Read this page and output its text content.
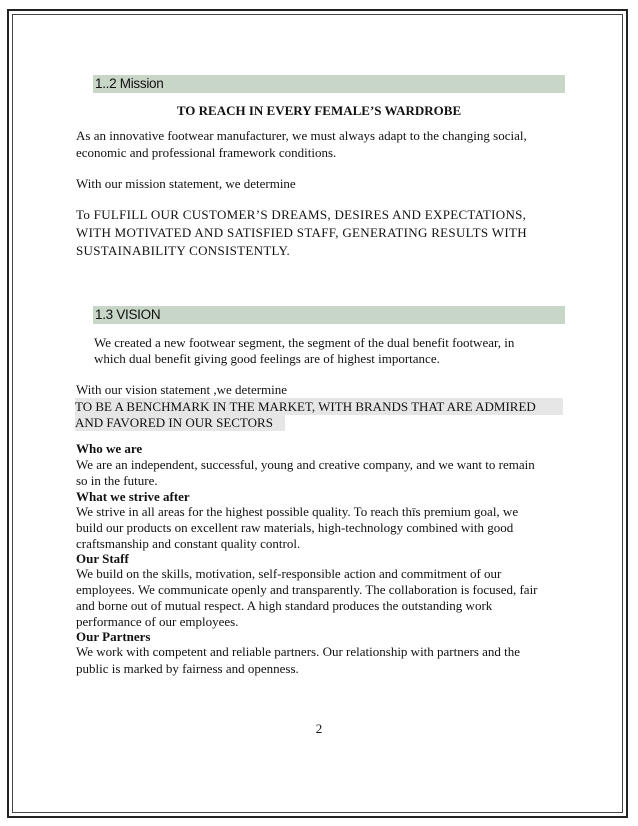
1..2 Mission
TO REACH IN EVERY FEMALE’S WARDROBE
As an innovative footwear manufacturer, we must always adapt to the changing social,
economic and professional framework conditions.
With our mission statement, we determine
To FULFILL OUR CUSTOMER’S DREAMS, DESIRES AND EXPECTATIONS,
WITH MOTIVATED AND SATISFIED STAFF, GENERATING RESULTS WITH
SUSTAINABILITY CONSISTENTLY.
1.3 VISION
We created a new footwear segment, the segment of the dual benefit footwear, in
which dual benefit giving good feelings are of highest importance.
With our vision statement ,we determine
TO BE A BENCHMARK IN THE MARKET, WITH BRANDS THAT ARE ADMIRED
AND FAVORED IN OUR SECTORS
Who we are
We are an independent, successful, young and creative company, and we want to remain
so in the future.
What we strive after
We strive in all areas for the highest possible quality. To reach thīs premium goal, we
build our products on excellent raw materials, high-technology combined with good
craftsmanship and constant quality control.
Our Staff
We build on the skills, motivation, self-responsible action and commitment of our
employees. We communicate openly and transparently. The collaboration is focused, fair
and borne out of mutual respect. A high standard produces the outstanding work
performance of our employees.
Our Partners
We work with competent and reliable partners. Our relationship with partners and the
public is marked by fairness and openness.
2
